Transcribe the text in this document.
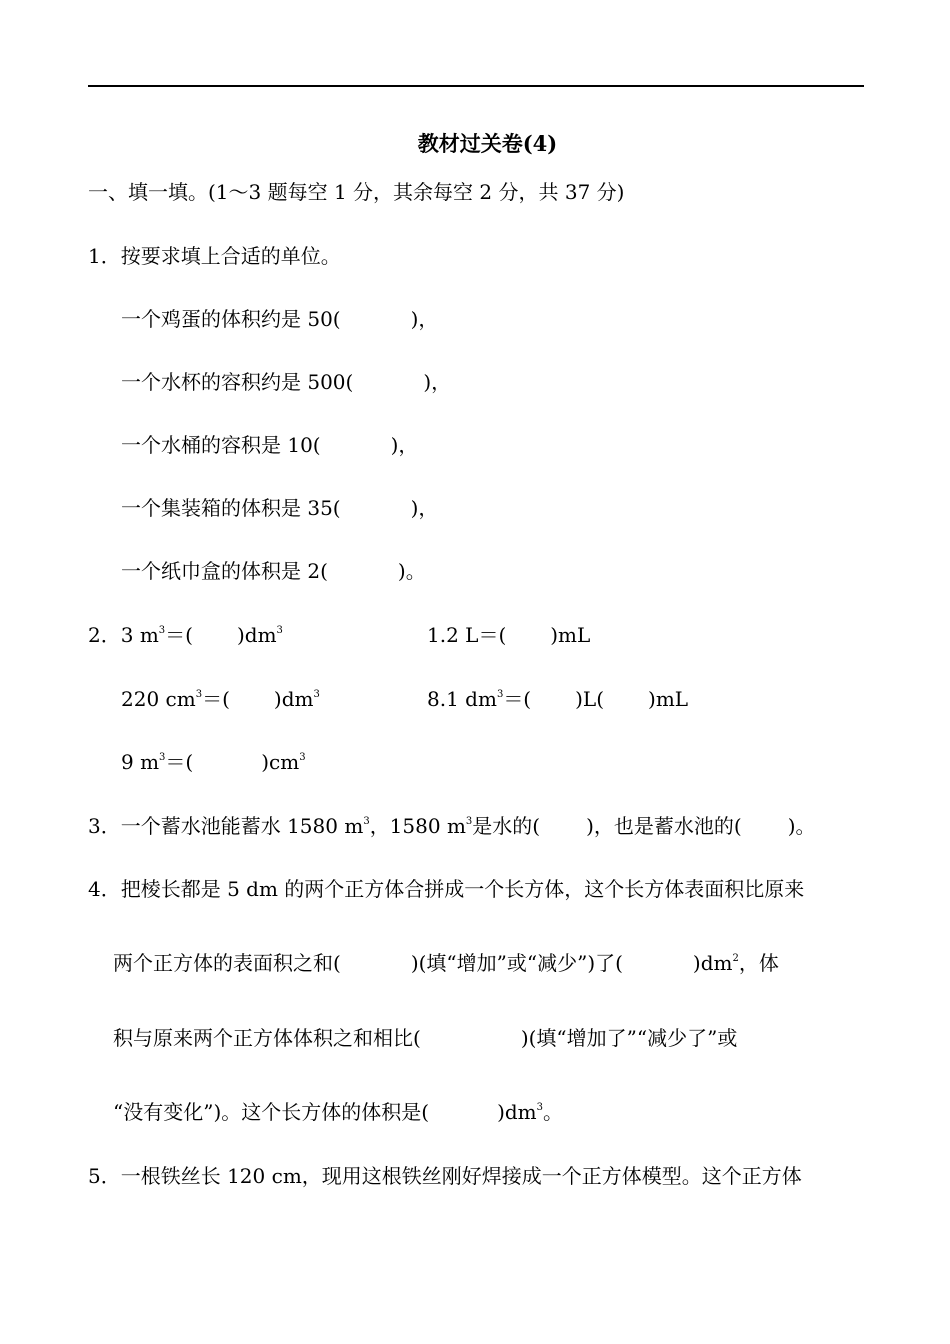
教材过关卷(4)
一、填一填。(1～3 题每空 1 分，其余每空 2 分，共 37 分)
1．按要求填上合适的单位。
一个鸡蛋的体积约是 50(	)，
一个水杯的容积约是 500(	)，
一个水桶的容积是 10(	)，
一个集装箱的体积是 35(	)，
一个纸巾盒的体积是 2(	)。
2．3 $m^3=$( )$dm^3$	1.2 L＝( )mL
220 $cm^3=$( )$dm^3$	8.1 $dm^3=$( )L( )mL
9 $m^3=$(	)$cm^3$
3．一个蓄水池能蓄水 1580 $m^3$，1580 $m^3$是水的( )，也是蓄水池的( )。
4．把棱长都是 5 dm 的两个正方体合拼成一个长方体，这个长方体表面积比原来
两个正方体的表面积之和(	)(填“增加”或“减少”)了(	)$dm^2$，体
积与原来两个正方体体积之和相比(	)(填“增加了”“减少了”或
“没有变化”)。这个长方体的体积是(	)$dm^3$。
5．一根铁丝长 120 cm，现用这根铁丝刚好焊接成一个正方体模型。这个正方体
